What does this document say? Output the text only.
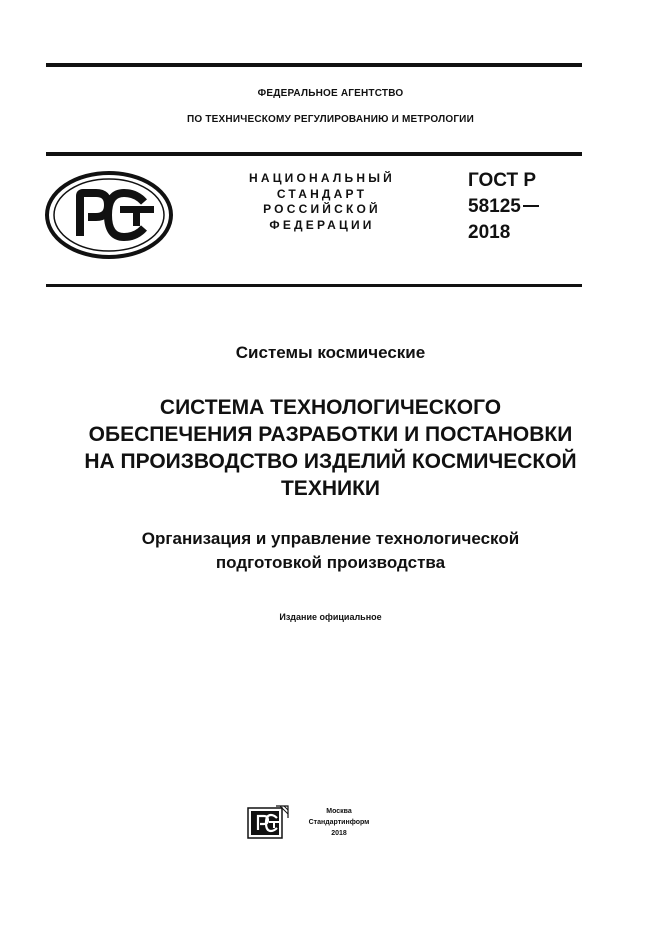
ФЕДЕРАЛЬНОЕ АГЕНТСТВО
ПО ТЕХНИЧЕСКОМУ РЕГУЛИРОВАНИЮ И МЕТРОЛОГИИ
НАЦИОНАЛЬНЫЙ
СТАНДАРТ
РОССИЙСКОЙ
ФЕДЕРАЦИИ
ГОСТ Р
58125
2018
Системы космические
СИСТЕМА ТЕХНОЛОГИЧЕСКОГО
ОБЕСПЕЧЕНИЯ РАЗРАБОТКИ И ПОСТАНОВКИ
НА ПРОИЗВОДСТВО ИЗДЕЛИЙ КОСМИЧЕСКОЙ
ТЕХНИКИ
Организация и управление технологической
подготовкой производства
Издание официальное
Москва
Стандартинформ
2018
